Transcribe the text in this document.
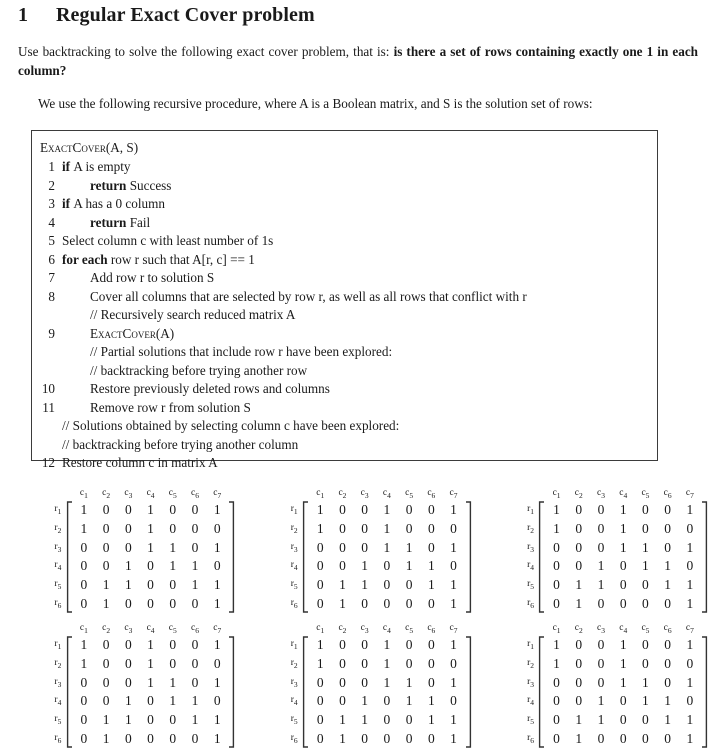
1 Regular Exact Cover problem
Use backtracking to solve the following exact cover problem, that is: is there a set of rows containing exactly one 1 in each column?
We use the following recursive procedure, where A is a Boolean matrix, and S is the solution set of rows:
ExactCover(A, S)
1 if A is empty
2	return Success
3 if A has a 0 column
4	return Fail
5 Select column c with least number of 1s
6 for each row r such that A[r, c] == 1
7	Add row r to solution S
8	Cover all columns that are selected by row r, as well as all rows that conflict with r
// Recursively search reduced matrix A
9	ExactCover(A)
// Partial solutions that include row r have been explored:
// backtracking before trying another row
10	Restore previously deleted rows and columns
11	Remove row r from solution S
// Solutions obtained by selecting column c have been explored:
// backtracking before trying another column
12 Restore column c in matrix A
		$c_1$	$c_2$	$c_3$	$c_4$	$c_5$	$c_6$	$c_7$	
$r_1$		1	0	0	1	0	0	1	

$r_2$		1	0	0	1	0	0	0	
$r_3$		0	0	0	1	1	0	1	
$r_4$		0	0	1	0	1	1	0	
$r_5$		0	1	1	0	0	1	1	
$r_6$		0	1	0	0	0	0	1	
		$c_1$	$c_2$	$c_3$	$c_4$	$c_5$	$c_6$	$c_7$	
$r_1$		1	0	0	1	0	0	1	

$r_2$		1	0	0	1	0	0	0	
$r_3$		0	0	0	1	1	0	1	
$r_4$		0	0	1	0	1	1	0	
$r_5$		0	1	1	0	0	1	1	
$r_6$		0	1	0	0	0	0	1	
		$c_1$	$c_2$	$c_3$	$c_4$	$c_5$	$c_6$	$c_7$	
$r_1$		1	0	0	1	0	0	1	

$r_2$		1	0	0	1	0	0	0	
$r_3$		0	0	0	1	1	0	1	
$r_4$		0	0	1	0	1	1	0	
$r_5$		0	1	1	0	0	1	1	
$r_6$		0	1	0	0	0	0	1	
		$c_1$	$c_2$	$c_3$	$c_4$	$c_5$	$c_6$	$c_7$	
$r_1$		1	0	0	1	0	0	1	

$r_2$		1	0	0	1	0	0	0	
$r_3$		0	0	0	1	1	0	1	
$r_4$		0	0	1	0	1	1	0	
$r_5$		0	1	1	0	0	1	1	
$r_6$		0	1	0	0	0	0	1	
		$c_1$	$c_2$	$c_3$	$c_4$	$c_5$	$c_6$	$c_7$	
$r_1$		1	0	0	1	0	0	1	

$r_2$		1	0	0	1	0	0	0	
$r_3$		0	0	0	1	1	0	1	
$r_4$		0	0	1	0	1	1	0	
$r_5$		0	1	1	0	0	1	1	
$r_6$		0	1	0	0	0	0	1	
		$c_1$	$c_2$	$c_3$	$c_4$	$c_5$	$c_6$	$c_7$	
$r_1$		1	0	0	1	0	0	1	

$r_2$		1	0	0	1	0	0	0	
$r_3$		0	0	0	1	1	0	1	
$r_4$		0	0	1	0	1	1	0	
$r_5$		0	1	1	0	0	1	1	
$r_6$		0	1	0	0	0	0	1	
